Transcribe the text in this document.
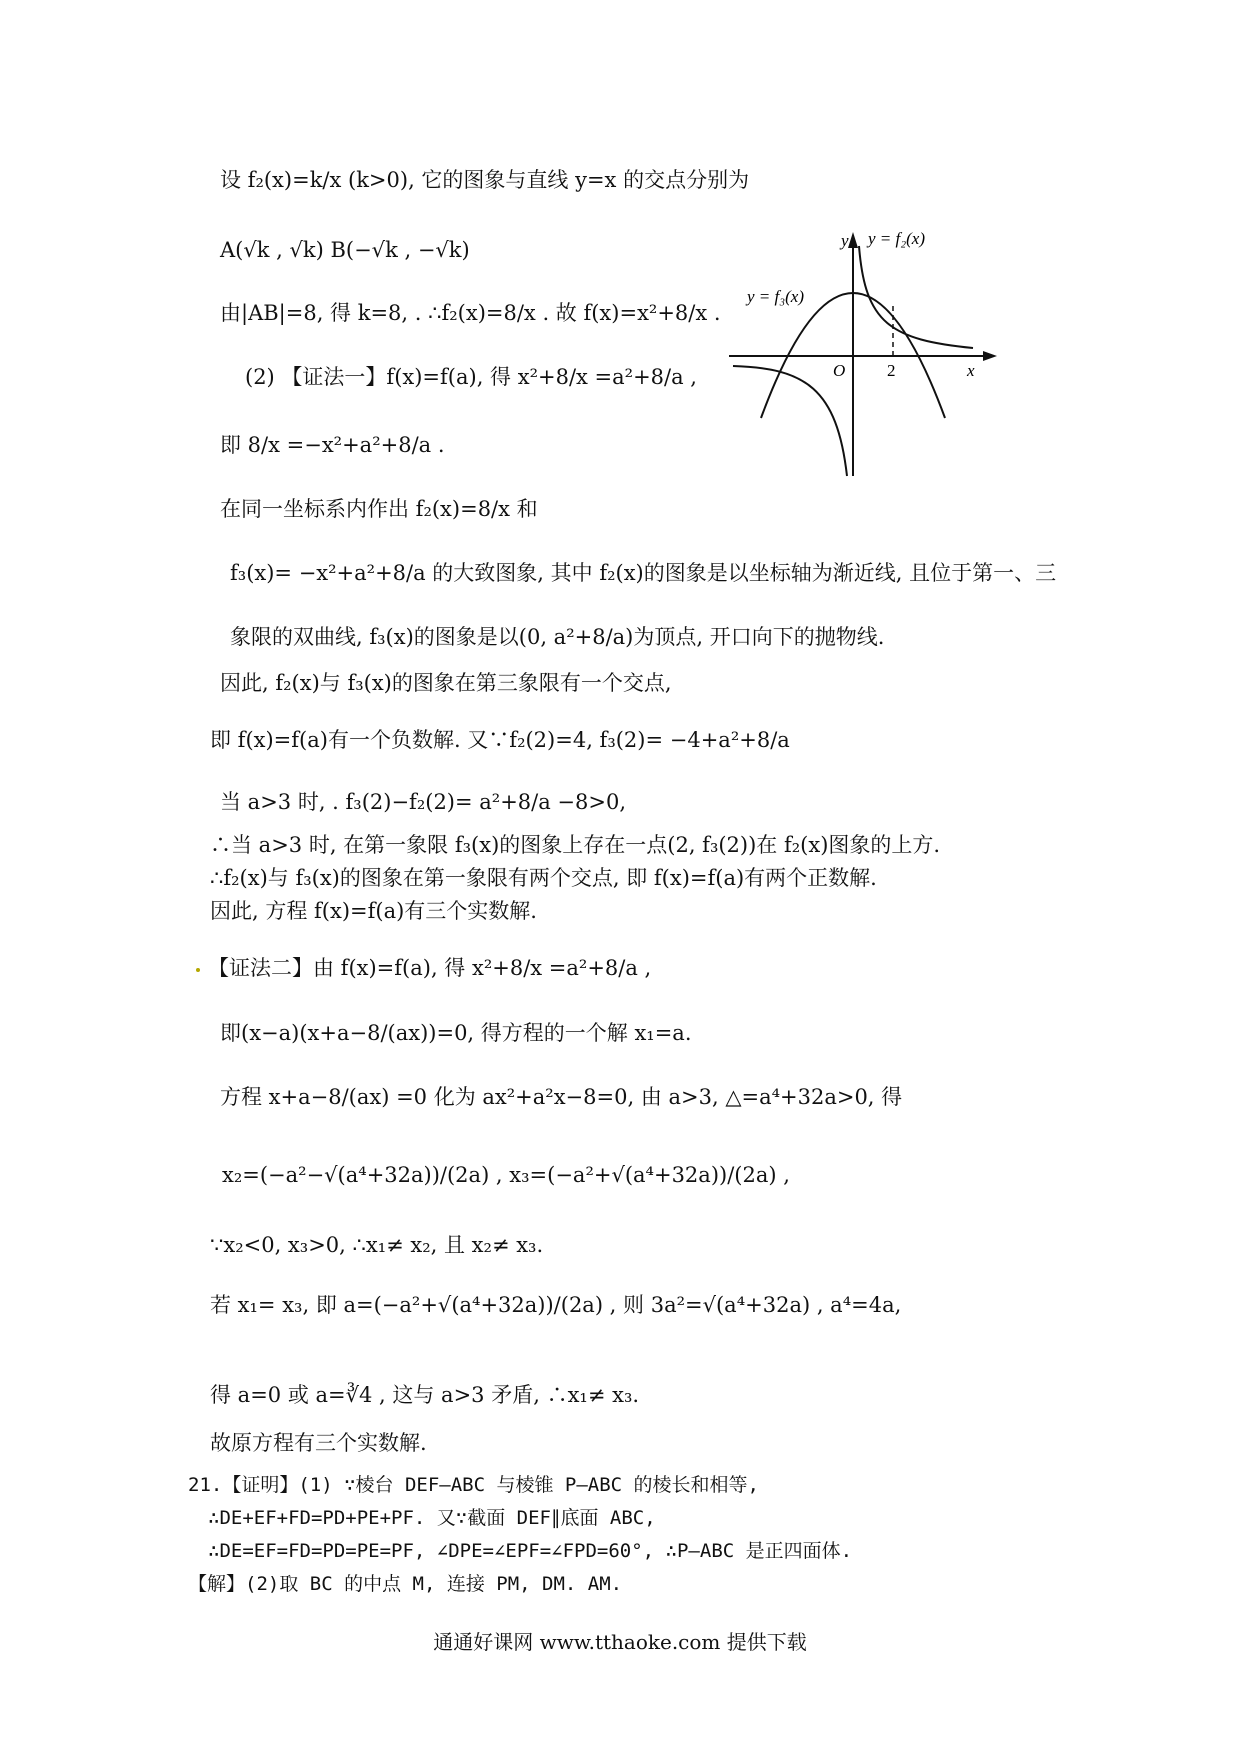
设 f₂(x)=k/x (k>0), 它的图象与直线 y=x 的交点分别为
A(√k , √k) B(−√k , −√k)
由|AB|=8, 得 k=8, . ∴f₂(x)=8/x . 故 f(x)=x²+8/x .
(2) 【证法一】f(x)=f(a), 得 x²+8/x =a²+8/a ,
即 8/x =−x²+a²+8/a .
在同一坐标系内作出 f₂(x)=8/x 和
f₃(x)= −x²+a²+8/a 的大致图象, 其中 f₂(x)的图象是以坐标轴为渐近线, 且位于第一、三
象限的双曲线, f₃(x)的图象是以(0, a²+8/a)为顶点, 开口向下的抛物线.
因此, f₂(x)与 f₃(x)的图象在第三象限有一个交点,
即 f(x)=f(a)有一个负数解. 又∵f₂(2)=4, f₃(2)= −4+a²+8/a
当 a>3 时, . f₃(2)−f₂(2)= a²+8/a −8>0,
∴当 a>3 时, 在第一象限 f₃(x)的图象上存在一点(2, f₃(2))在 f₂(x)图象的上方.
∴f₂(x)与 f₃(x)的图象在第一象限有两个交点, 即 f(x)=f(a)有两个正数解.
因此, 方程 f(x)=f(a)有三个实数解.
【证法二】由 f(x)=f(a), 得 x²+8/x =a²+8/a ,
即(x−a)(x+a−8/(ax))=0, 得方程的一个解 x₁=a.
方程 x+a−8/(ax) =0 化为 ax²+a²x−8=0, 由 a>3, △=a⁴+32a>0, 得
x₂=(−a²−√(a⁴+32a))/(2a) , x₃=(−a²+√(a⁴+32a))/(2a) ,
∵x₂<0, x₃>0, ∴x₁≠ x₂, 且 x₂≠ x₃.
若 x₁= x₃, 即 a=(−a²+√(a⁴+32a))/(2a) , 则 3a²=√(a⁴+32a) , a⁴=4a,
得 a=0 或 a=∛4 , 这与 a>3 矛盾, ∴x₁≠ x₃.
故原方程有三个实数解.
21.【证明】(1) ∵棱台 DEF—ABC 与棱锥 P—ABC 的棱长和相等,
∴DE+EF+FD=PD+PE+PF. 又∵截面 DEF∥底面 ABC,
∴DE=EF=FD=PD=PE=PF, ∠DPE=∠EPF=∠FPD=60°, ∴P—ABC 是正四面体.
【解】(2)取 BC 的中点 M, 连接 PM, DM. AM.
y y = f₂(x)
y = f₃(x)
O 2	x
通通好课网 www.tthaoke.com 提供下载
